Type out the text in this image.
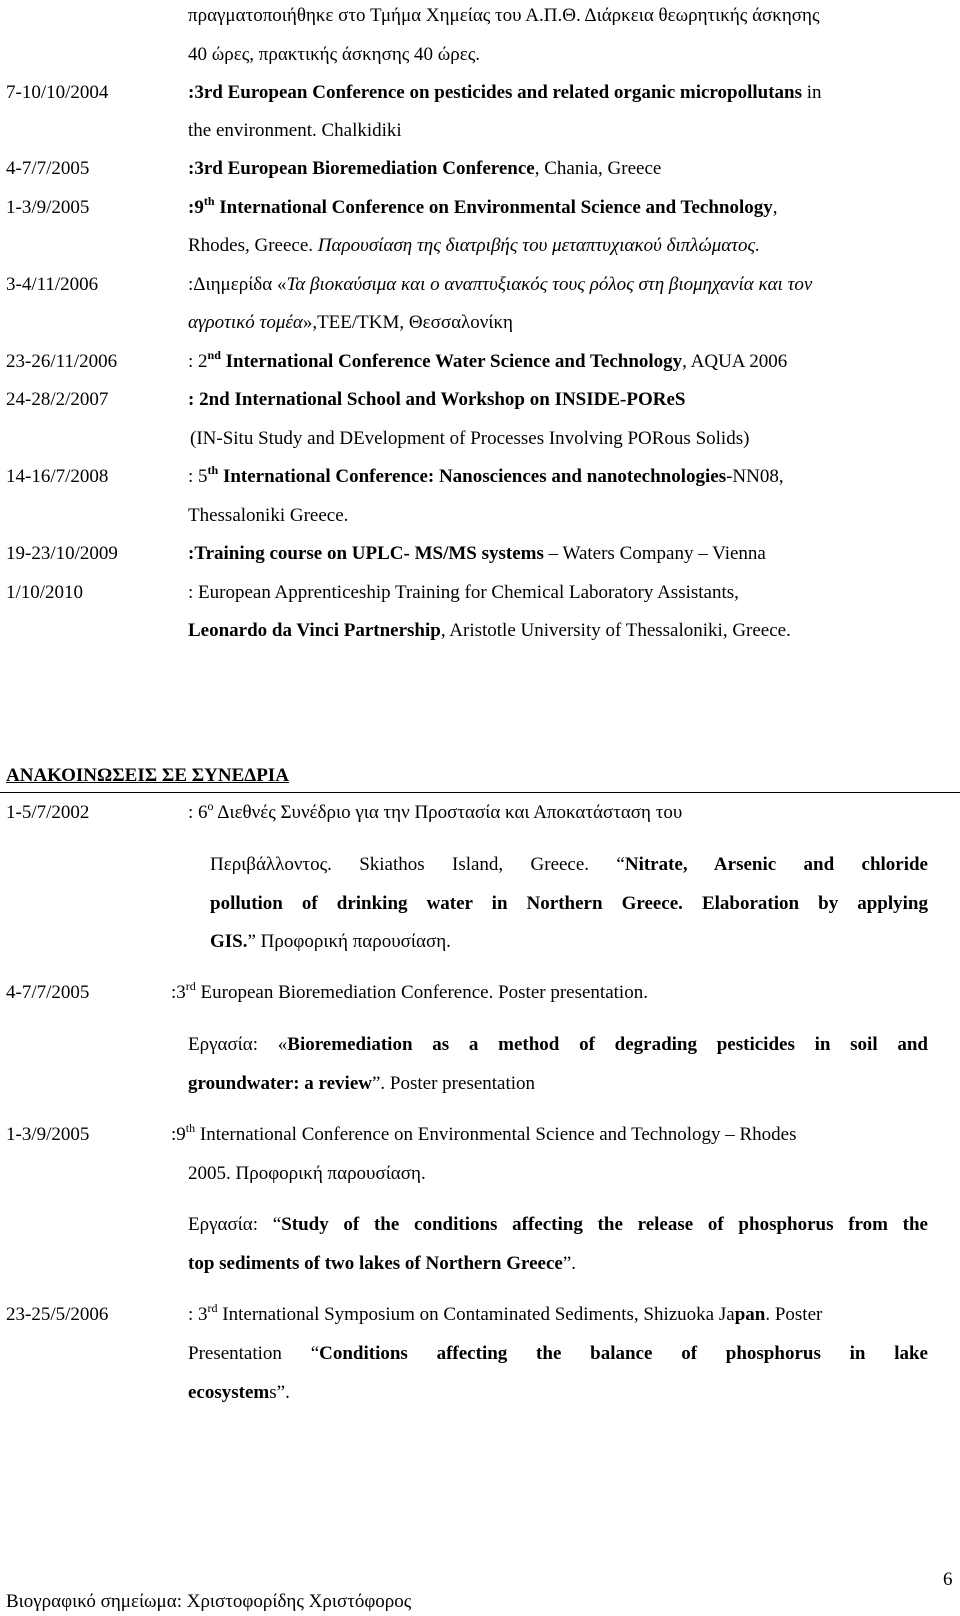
πραγματοποιήθηκε στο Τμήμα Χημείας του Α.Π.Θ. Διάρκεια θεωρητικής άσκησης
40 ώρες, πρακτικής άσκησης 40 ώρες.
7-10/10/2004	:3rd European Conference on pesticides and related organic micropollutans in
the environment. Chalkidiki
4-7/7/2005	:3rd European Bioremediation Conference, Chania, Greece
1-3/9/2005	:9th International Conference on Environmental Science and Technology,
Rhodes, Greece. Παρουσίαση της διατριβής του μεταπτυχιακού διπλώματος.
3-4/11/2006	:Διημερίδα «Τα βιοκαύσιμα και ο αναπτυξιακός τους ρόλος στη βιομηχανία και τον
αγροτικό τομέα»,ΤΕΕ/ΤΚΜ, Θεσσαλονίκη
23-26/11/2006	: 2nd International Conference Water Science and Technology, AQUA 2006
24-28/2/2007	: 2nd International School and Workshop on INSIDE-POReS
(IN-Situ Study and DEvelopment of Processes Involving PORous Solids)
14-16/7/2008	: 5th International Conference: Nanosciences and nanotechnologies-NN08,
Thessaloniki Greece.
19-23/10/2009	:Training course on UPLC- MS/MS systems – Waters Company – Vienna
1/10/2010	: European Apprenticeship Training for Chemical Laboratory Assistants,
Leonardo da Vinci Partnership, Aristotle University of Thessaloniki, Greece.
ΑΝΑΚΟΙΝΩΣΕΙΣ ΣΕ ΣΥΝΕΔΡΙΑ
1-5/7/2002	: $6^o$ Διεθνές Συνέδριο για την Προστασία και Αποκατάσταση του
Περιβάλλοντος. Skiathos Island, Greece. “Nitrate, Arsenic and chloride
pollution of drinking water in Northern Greece. Elaboration by applying
GIS.” Προφορική παρουσίαση.
4-7/7/2005	:3rd European Bioremediation Conference. Poster presentation.
Εργασία: «Bioremediation as a method of degrading pesticides in soil and
groundwater: a review”. Poster presentation
1-3/9/2005	:9th International Conference on Environmental Science and Technology – Rhodes
2005. Προφορική παρουσίαση.
Εργασία: “Study of the conditions affecting the release of phosphorus from the
top sediments of two lakes of Northern Greece”.
23-25/5/2006	: 3rd International Symposium on Contaminated Sediments, Shizuoka Japan. Poster
Presentation “Conditions affecting the balance of phosphorus in lake
ecosystems”.
6
Βιογραφικό σημείωμα: Χριστοφορίδης Χριστόφορος
